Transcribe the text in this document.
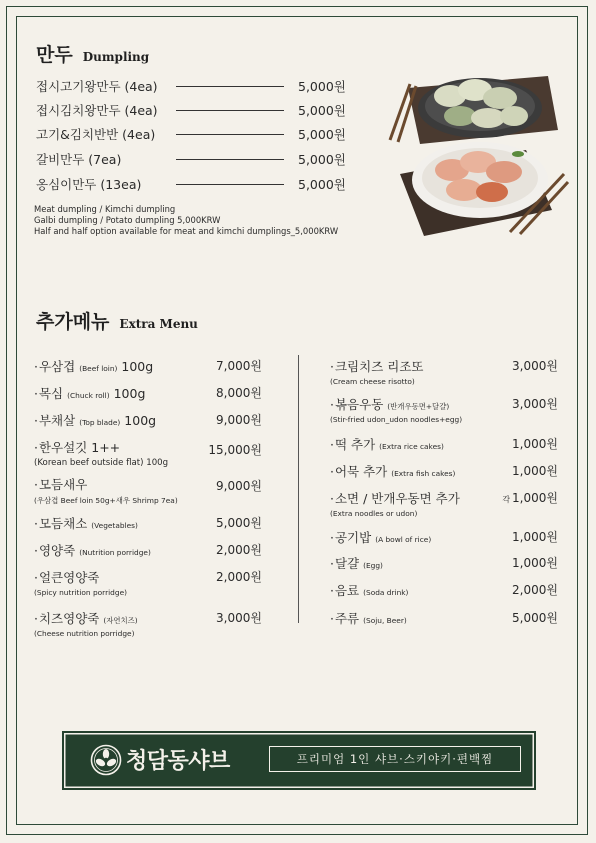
만두 Dumpling
접시고기왕만두 (4ea)	5,000원
접시김치왕만두 (4ea)	5,000원
고기&김치반반 (4ea)	5,000원
갈비만두 (7ea)	5,000원
옹심이만두 (13ea)	5,000원
Meat dumpling / Kimchi dumpling
Galbi dumpling / Potato dumpling 5,000KRW
Half and half option available for meat and kimchi dumplings_5,000KRW
추가메뉴 Extra Menu
·우삼겹 (Beef loin) 100g	7,000원
·목심 (Chuck roll) 100g	8,000원
·부채살 (Top blade) 100g	9,000원
·한우설깃 1++
(Korean beef outside flat) 100g
15,000원
·모듬새우
(우삼겹 Beef loin 50g+새우 Shrimp 7ea)
9,000원
·모듬채소 (Vegetables)	5,000원
·영양죽 (Nutrition porridge)	2,000원
·얼큰영양죽
(Spicy nutrition porridge)
2,000원
·치즈영양죽 (자연치즈)
(Cheese nutrition porridge)
3,000원
·크림치즈 리조또
(Cream cheese risotto)
3,000원
·볶음우동 (반개우동면+달걀)
(Stir-fried udon_udon noodles+egg)
3,000원
·떡 추가 (Extra rice cakes)	1,000원
·어묵 추가 (Extra fish cakes)	1,000원
·소면 / 반개우동면 추가
(Extra noodles or udon)
각 1,000원
·공기밥 (A bowl of rice)	1,000원
·달걀 (Egg)	1,000원
·음료 (Soda drink)	2,000원
·주류 (Soju, Beer)	5,000원
청담동샤브	프리미엄 1인 샤브·스키야키·편백찜
